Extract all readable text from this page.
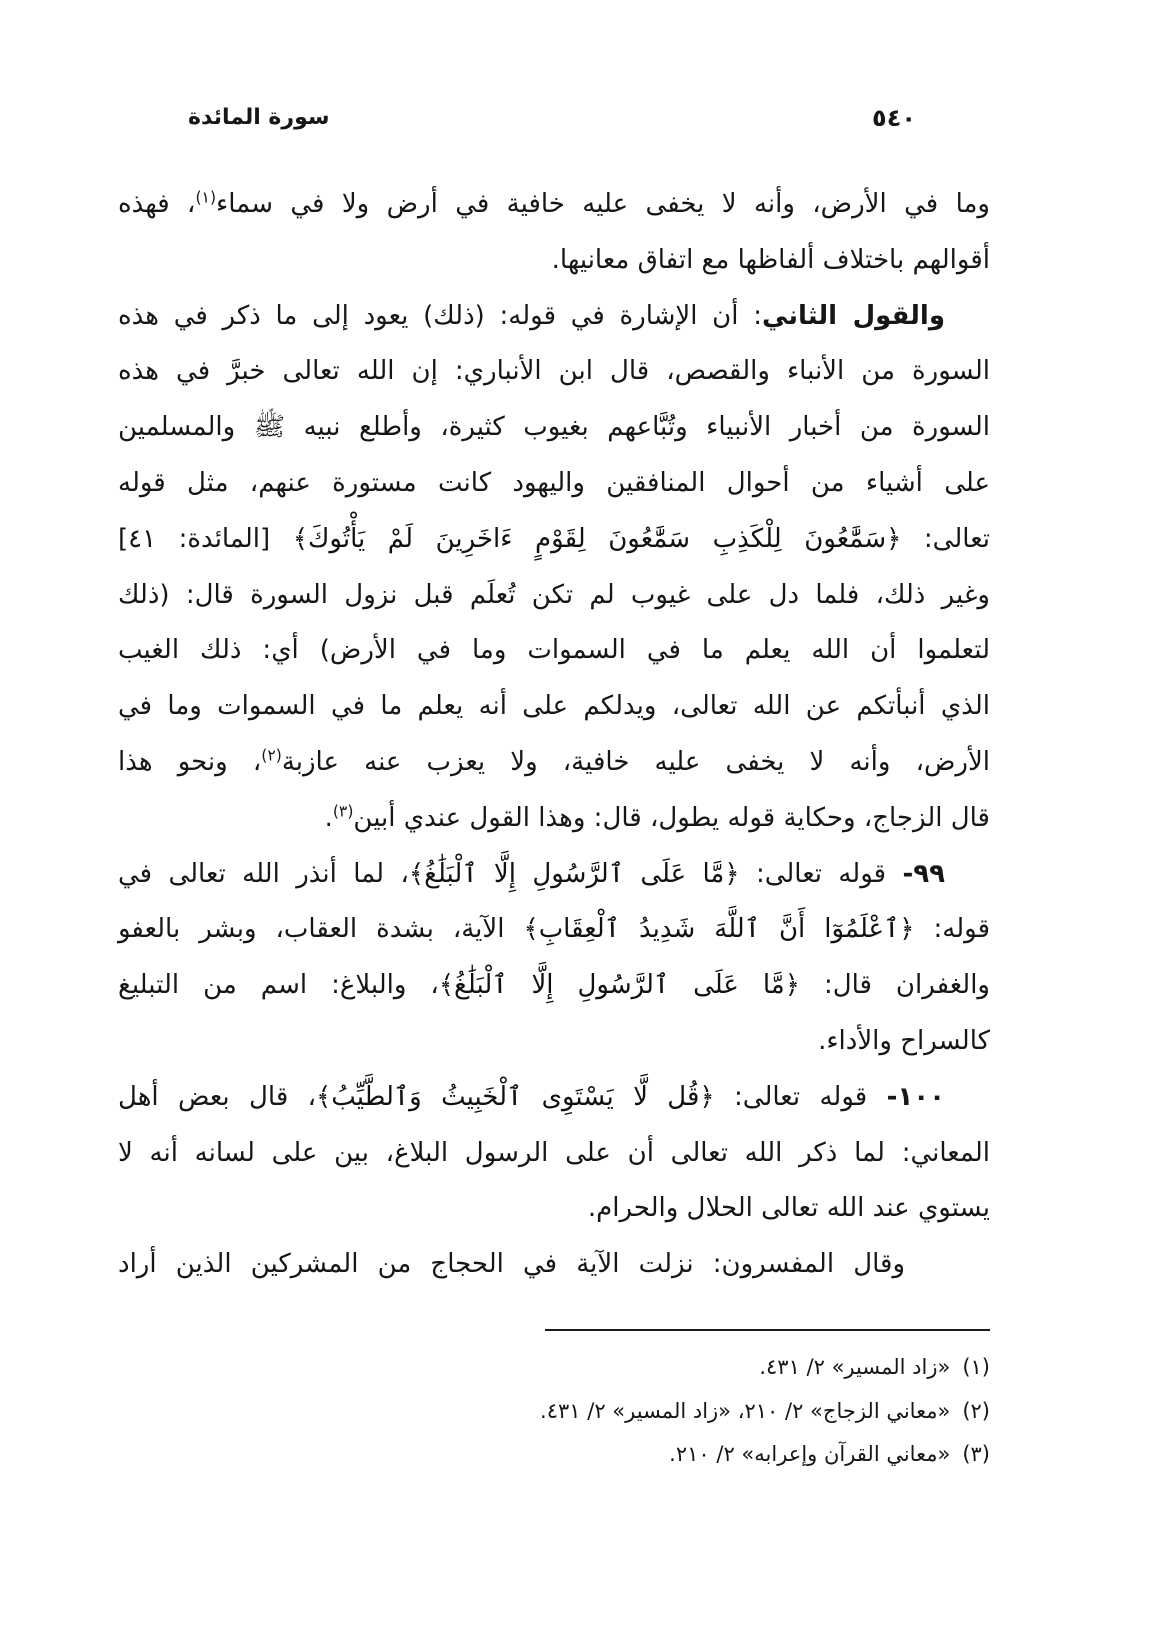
سورة المائدة	٥٤٠
وما في الأرض، وأنه لا يخفى عليه خافية في أرض ولا في سماء$^{(١)}$، فهذه
أقوالهم باختلاف ألفاظها مع اتفاق معانيها.
والقول الثاني: أن الإشارة في قوله: (ذلك) يعود إلى ما ذكر في هذه
السورة من الأنباء والقصص، قال ابن الأنباري: إن الله تعالى خبرَّ في هذه
السورة من أخبار الأنبياء وتُبَّاعهم بغيوب كثيرة، وأطلع نبيه ﷺ والمسلمين
على أشياء من أحوال المنافقين واليهود كانت مستورة عنهم، مثل قوله
تعالى: ﴿سَمَّٰعُونَ لِلْكَذِبِ سَمَّٰعُونَ لِقَوْمٍ ءَاخَرِينَ لَمْ يَأْتُوكَ﴾ [المائدة: ٤١]
وغير ذلك، فلما دل على غيوب لم تكن تُعلَم قبل نزول السورة قال: (ذلك
لتعلموا أن الله يعلم ما في السموات وما في الأرض) أي: ذلك الغيب
الذي أنبأتكم عن الله تعالى، ويدلكم على أنه يعلم ما في السموات وما في
الأرض، وأنه لا يخفى عليه خافية، ولا يعزب عنه عازبة$^{(٢)}$، ونحو هذا
قال الزجاج، وحكاية قوله يطول، قال: وهذا القول عندي أبين$^{(٣)}$.
٩٩- قوله تعالى: ﴿مَّا عَلَى ٱلرَّسُولِ إِلَّا ٱلْبَلَٰغُ﴾، لما أنذر الله تعالى في
قوله: ﴿ٱعْلَمُوٓا أَنَّ ٱللَّهَ شَدِيدُ ٱلْعِقَابِ﴾ الآية، بشدة العقاب، وبشر بالعفو
والغفران قال: ﴿مَّا عَلَى ٱلرَّسُولِ إِلَّا ٱلْبَلَٰغُ﴾، والبلاغ: اسم من التبليغ
كالسراح والأداء.
١٠٠- قوله تعالى: ﴿قُل لَّا يَسْتَوِى ٱلْخَبِيثُ وَٱلطَّيِّبُ﴾، قال بعض أهل
المعاني: لما ذكر الله تعالى أن على الرسول البلاغ، بين على لسانه أنه لا
يستوي عند الله تعالى الحلال والحرام.
وقال المفسرون: نزلت الآية في الحجاج من المشركين الذين أراد
(١)«زاد المسير» ٢/ ٤٣١.
(٢)«معاني الزجاج» ٢/ ٢١٠، «زاد المسير» ٢/ ٤٣١.
(٣)«معاني القرآن وإعرابه» ٢/ ٢١٠.
